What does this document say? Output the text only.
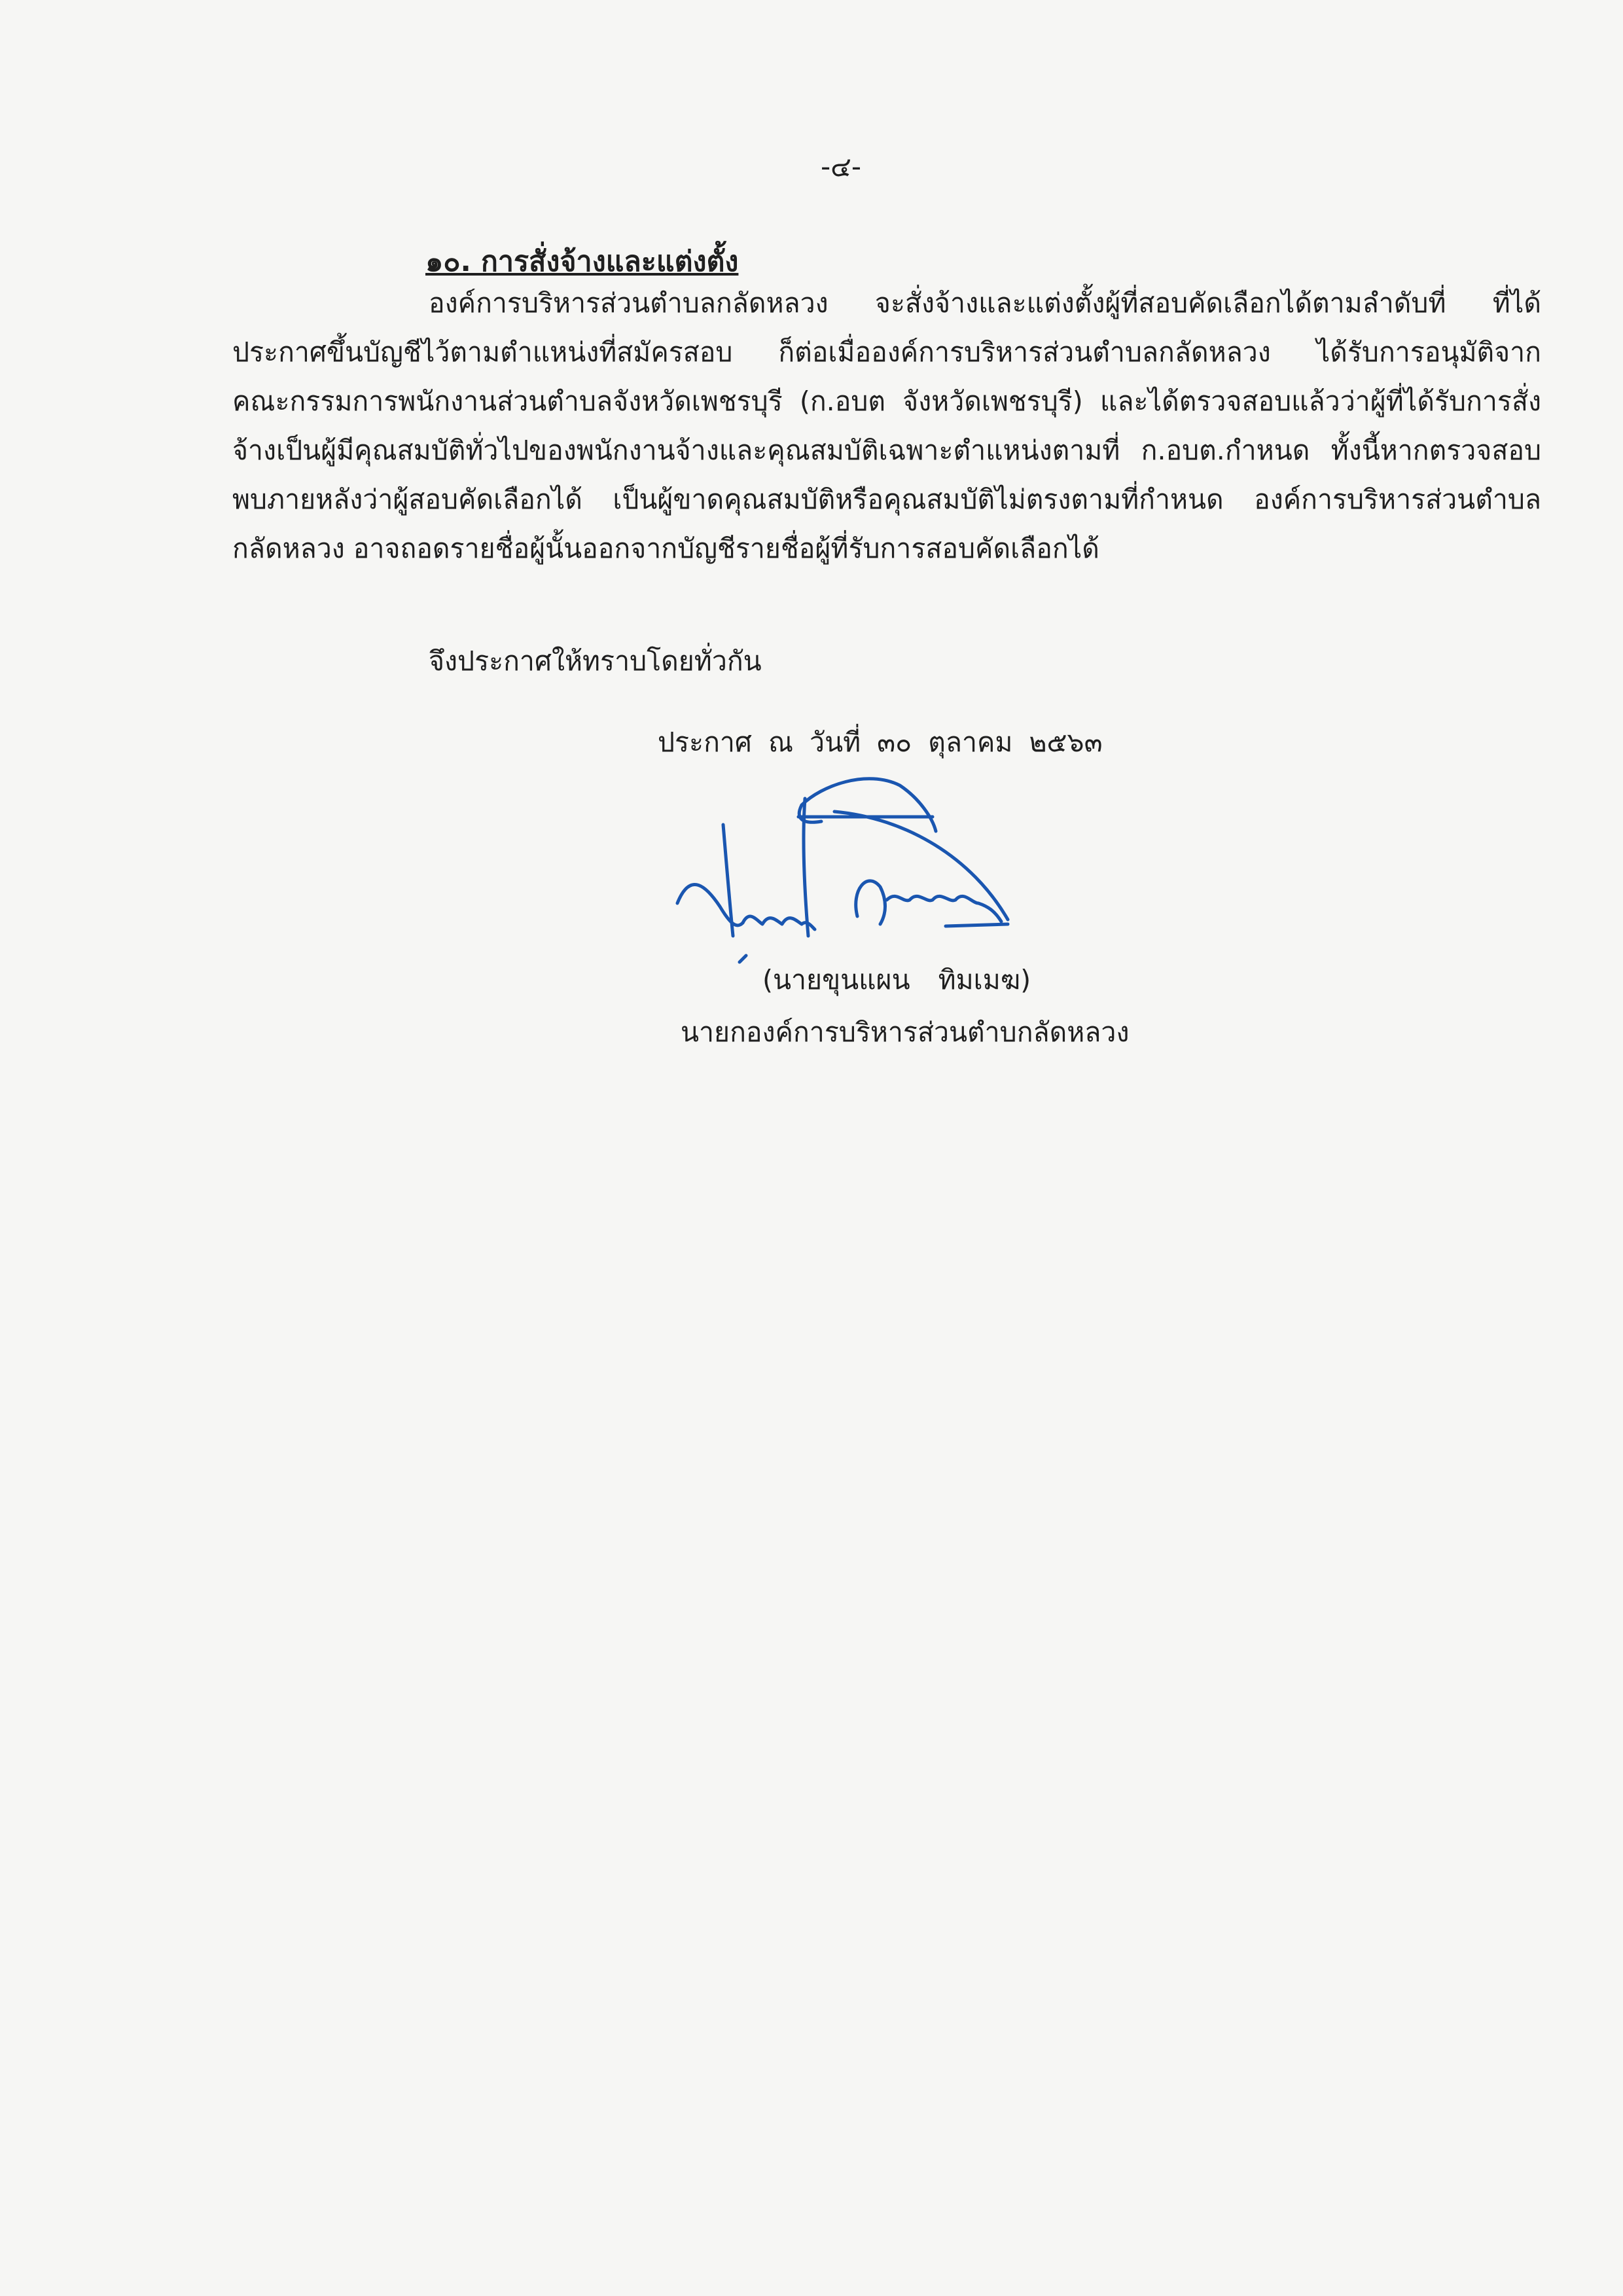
-๔-
๑๐. การสั่งจ้างและแต่งตั้ง
องค์การบริหารส่วนตำบลกลัดหลวง จะสั่งจ้างและแต่งตั้งผู้ที่สอบคัดเลือกได้ตามลำดับที่ ที่ได้
ประกาศขึ้นบัญชีไว้ตามตำแหน่งที่สมัครสอบ ก็ต่อเมื่อองค์การบริหารส่วนตำบลกลัดหลวง ได้รับการอนุมัติจาก
คณะกรรมการพนักงานส่วนตำบลจังหวัดเพชรบุรี (ก.อบต จังหวัดเพชรบุรี) และได้ตรวจสอบแล้วว่าผู้ที่ได้รับการสั่ง
จ้างเป็นผู้มีคุณสมบัติทั่วไปของพนักงานจ้างและคุณสมบัติเฉพาะตำแหน่งตามที่ ก.อบต.กำหนด ทั้งนี้หากตรวจสอบ
พบภายหลังว่าผู้สอบคัดเลือกได้ เป็นผู้ขาดคุณสมบัติหรือคุณสมบัติไม่ตรงตามที่กำหนด องค์การบริหารส่วนตำบล
กลัดหลวง อาจถอดรายชื่อผู้นั้นออกจากบัญชีรายชื่อผู้ที่รับการสอบคัดเลือกได้
จึงประกาศให้ทราบโดยทั่วกัน
ประกาศ ณ วันที่ ๓๐ ตุลาคม ๒๕๖๓
(นายขุนแผน ทิมเมฆ)
นายกองค์การบริหารส่วนตำบกลัดหลวง
